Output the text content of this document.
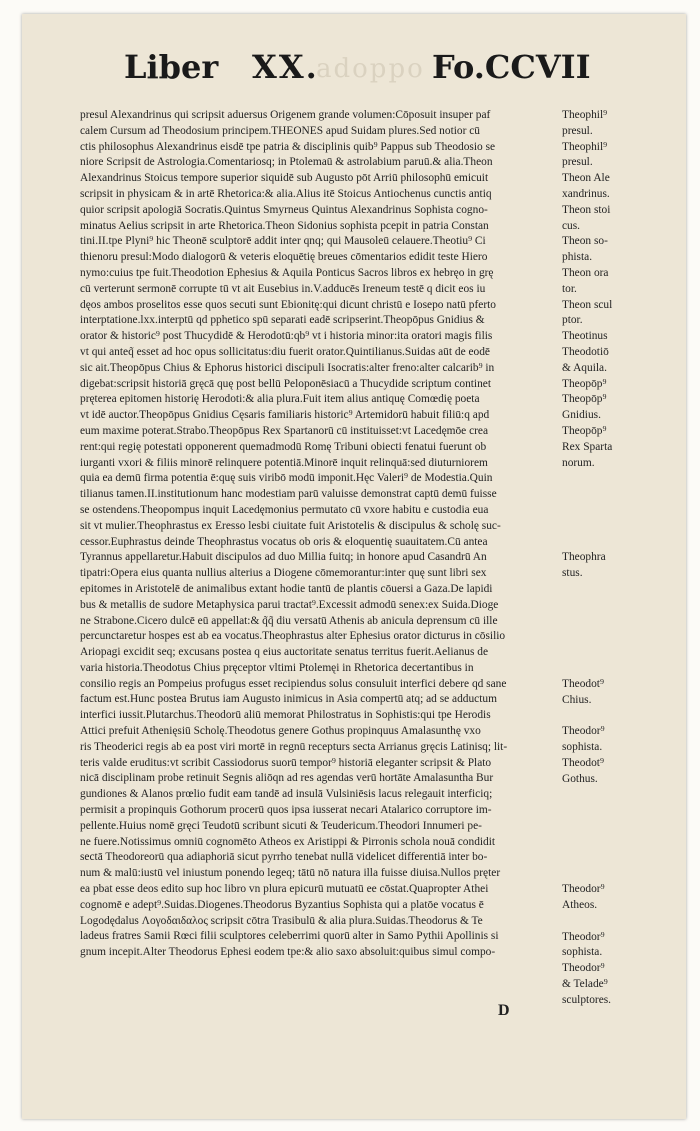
Liber XX.
adoppo Fo.CCVII
presul Alexandrinus qui scripsit aduersus Origenem grande volumen:Cōposuit insuper paf
calem Cursum ad Theodosium principem.THEONES apud Suidam plures.Sed notior cū
ctis philosophus Alexandrinus eisdē tpe patria & disciplinis quib⁹ Pappus sub Theodosio se
niore Scripsit de Astrologia.Comentariosq; in Ptolemaū & astrolabium paruū.& alia.Theon
Alexandrinus Stoicus tempore superior siquidē sub Augusto pōt Arriū philosophū emicuit
scripsit in physicam & in artē Rhetorica:& alia.Alius itē Stoicus Antiochenus cunctis antiq
quior scripsit apologiā Socratis.Quintus Smyrneus Quintus Alexandrinus Sophista cogno-
minatus Aelius scripsit in arte Rhetorica.Theon Sidonius sophista pcepit in patria Constan
tini.II.tpe Plyni⁹ hic Theonē sculptorē addit inter qnq; qui Mausoleū celauere.Theotiu⁹ Ci
thienoru presul:Modo dialogorū & veteris eloquētię breues cōmentarios edidit teste Hiero
nymo:cuius tpe fuit.Theodotion Ephesius & Aquila Ponticus Sacros libros ex hebręo in grę
cū verterunt sermonē corrupte tū vt ait Eusebius in.V.adducēs Ireneum testē q dicit eos iu
dęos ambos proselitos esse quos secuti sunt Ebionitę:qui dicunt christū e Iosepo natū pferto
interptatione.lxx.interptū qd pphetico spū separati eadē scripserint.Theopōpus Gnidius &
orator & historic⁹ post Thucydidē & Herodotū:qb⁹ vt i historia minor:ita oratori magis filis
vt qui anteq̃ esset ad hoc opus sollicitatus:diu fuerit orator.Quintilianus.Suidas aūt de eodē
sic ait.Theopōpus Chius & Ephorus historici discipuli Isocratis:alter freno:alter calcarib⁹ in
digebat:scripsit historiā gręcā quę post bellū Peloponēsiacū a Thucydide scriptum continet
pręterea epitomen historię Herodoti:& alia plura.Fuit item alius antiquę Comœdię poeta
vt idē auctor.Theopōpus Gnidius Cęsaris familiaris historic⁹ Artemidorū habuit filiū:q apd
eum maxime poterat.Strabo.Theopōpus Rex Spartanorū cū instituisset:vt Lacedęmōe crea
rent:qui regię potestati opponerent quemadmodū Romę Tribuni obiecti fenatui fuerunt ob
iurganti vxori & filiis minorē relinquere potentiā.Minorē inquit relinquā:sed diuturniorem
quia ea demū firma potentia ē:quę suis viribō modū imponit.Hęc Valeri⁹ de Modestia.Quin
tilianus tamen.II.institutionum hanc modestiam parū valuisse demonstrat captū demū fuisse
se ostendens.Theopompus inquit Lacedęmonius permutato cū vxore habitu e custodia eua
sit vt mulier.Theophrastus ex Eresso lesbi ciuitate fuit Aristotelis & discipulus & scholę suc-
cessor.Euphrastus deinde Theophrastus vocatus ob oris & eloquentię suauitatem.Cū antea
Tyrannus appellaretur.Habuit discipulos ad duo Millia fuitq; in honore apud Casandrū An
tipatri:Opera eius quanta nullius alterius a Diogene cōmemorantur:inter quę sunt libri sex
epitomes in Aristotelē de animalibus extant hodie tantū de plantis cōuersi a Gaza.De lapidi
bus & metallis de sudore Metaphysica parui tractat⁹.Excessit admodū senex:ex Suida.Dioge
ne Strabone.Cicero dulcē eū appellat:& q̃q̃ diu versatū Athenis ab anicula deprensum cū ille
percunctaretur hospes est ab ea vocatus.Theophrastus alter Ephesius orator dicturus in cōsilio
Ariopagi excidit seq; excusans postea q eius auctoritate senatus territus fuerit.Aelianus de
varia historia.Theodotus Chius pręceptor vltimi Ptolemęi in Rhetorica decertantibus in
consilio regis an Pompeius profugus esset recipiendus solus consuluit interfici debere qd sane
factum est.Hunc postea Brutus iam Augusto inimicus in Asia compertū atq; ad se adductum
interfici iussit.Plutarchus.Theodorū aliū memorat Philostratus in Sophistis:qui tpe Herodis
Attici prefuit Athenięsiū Scholę.Theodotus genere Gothus propinquus Amalasunthę vxo
ris Theoderici regis ab ea post viri mortē in regnū recepturs secta Arrianus gręcis Latinisq; lit-
teris valde eruditus:vt scribit Cassiodorus suorū tempor⁹ historiā eleganter scripsit & Plato
nicā disciplinam probe retinuit Segnis aliōqn ad res agendas verū hortāte Amalasuntha Bur
gundiones & Alanos prœlio fudit eam tandē ad insulā Vulsiniēsis lacus relegauit interficiq;
permisit a propinquis Gothorum procerū quos ipsa iusserat necari Atalarico corruptore im-
pellente.Huius nomē gręci Teudotū scribunt sicuti & Teudericum.Theodori Innumeri pe-
ne fuere.Notissimus omniū cognomēto Atheos ex Aristippi & Pirronis schola nouā condidit
sectā Theodoreorū qua adiaphoriā sicut pyrrho tenebat nullā videlicet differentiā inter bo-
num & malū:iustū vel iniustum ponendo legeq; tātū nō natura illa fuisse diuisa.Nullos pręter
ea pbat esse deos edito sup hoc libro vn plura epicurū mutuatū ee cōstat.Quapropter Athei
cognomē e adept⁹.Suidas.Diogenes.Theodorus Byzantius Sophista qui a platōe vocatus ē
Logodędalus Λογοδαιδαλος scripsit cōtra Trasibulū & alia plura.Suidas.Theodorus & Te
ladeus fratres Samii Rœci filii sculptores celeberrimi quorū alter in Samo Pythii Apollinis si
gnum incepit.Alter Theodorus Ephesi eodem tpe:& alio saxo absoluit:quibus simul compo-
Theophil⁹
presul.
Theophil⁹
presul.
Theon Ale
xandrinus.
Theon stoi
cus.
Theon so-
phista.
Theon ora
tor.
Theon scul
ptor.
Theotinus
Theodotiō
& Aquila.
Theopōp⁹
Theopōp⁹
Gnidius.
Theopōp⁹
Rex Sparta
norum.
Theophra
stus.
Theodot⁹
Chius.
Theodor⁹
sophista.
Theodot⁹
Gothus.
Theodor⁹
Atheos.
Theodor⁹
sophista.
Theodor⁹
& Telade⁹
sculptores.
D
